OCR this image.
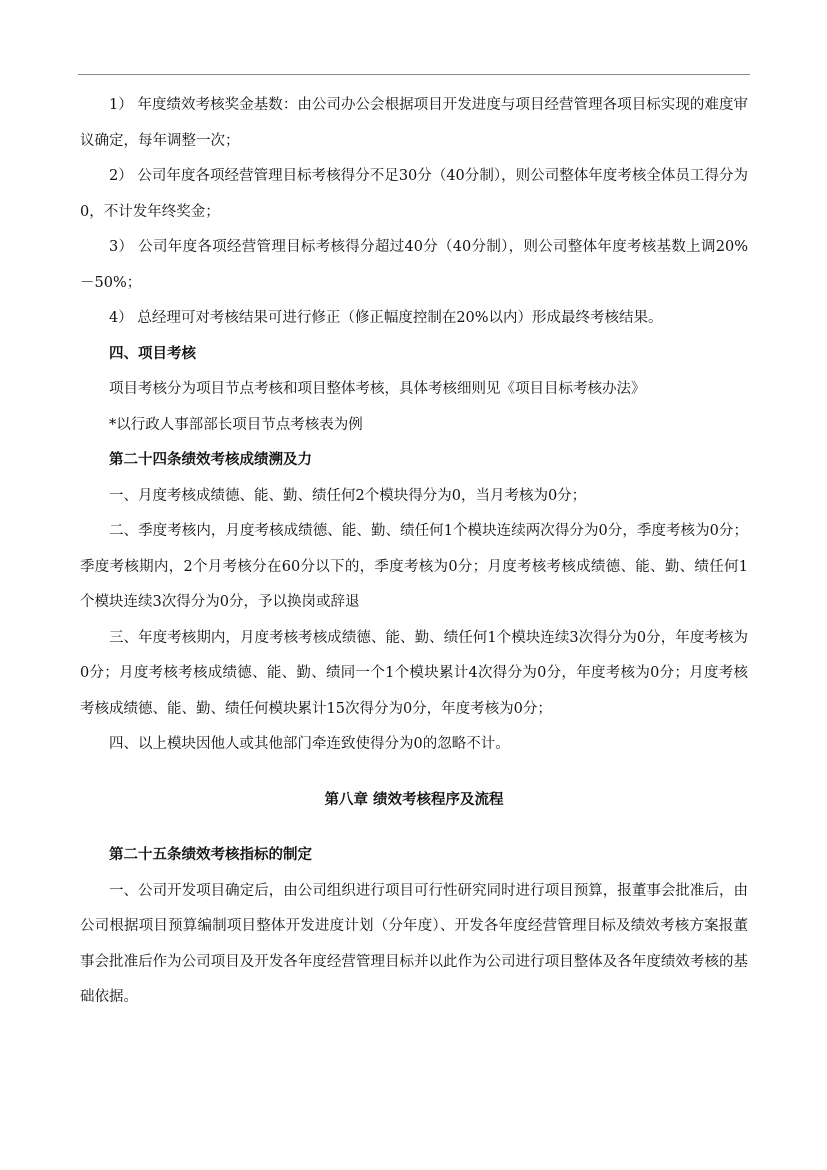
1） 年度绩效考核奖金基数：由公司办公会根据项目开发进度与项目经营管理各项目标实现的难度审议确定，每年调整一次；

2） 公司年度各项经营管理目标考核得分不足30分（40分制），则公司整体年度考核全体员工得分为0，不计发年终奖金；

3） 公司年度各项经营管理目标考核得分超过40分（40分制），则公司整体年度考核基数上调20%－50%；

4） 总经理可对考核结果可进行修正（修正幅度控制在20%以内）形成最终考核结果。

四、项目考核

项目考核分为项目节点考核和项目整体考核，具体考核细则见《项目目标考核办法》

*以行政人事部部长项目节点考核表为例

第二十四条绩效考核成绩溯及力

一、月度考核成绩德、能、勤、绩任何2个模块得分为0，当月考核为0分；

二、季度考核内，月度考核成绩德、能、勤、绩任何1个模块连续两次得分为0分，季度考核为0分；季度考核期内，2个月考核分在60分以下的，季度考核为0分；月度考核考核成绩德、能、勤、绩任何1个模块连续3次得分为0分，予以换岗或辞退

三、年度考核期内，月度考核考核成绩德、能、勤、绩任何1个模块连续3次得分为0分，年度考核为0分；月度考核考核成绩德、能、勤、绩同一个1个模块累计4次得分为0分，年度考核为0分；月度考核考核成绩德、能、勤、绩任何模块累计15次得分为0分，年度考核为0分；

四、以上模块因他人或其他部门牵连致使得分为0的忽略不计。

第八章 绩效考核程序及流程

第二十五条绩效考核指标的制定

一、公司开发项目确定后，由公司组织进行项目可行性研究同时进行项目预算，报董事会批准后，由公司根据项目预算编制项目整体开发进度计划（分年度）、开发各年度经营管理目标及绩效考核方案报董事会批准后作为公司项目及开发各年度经营管理目标并以此作为公司进行项目整体及各年度绩效考核的基础依据。
